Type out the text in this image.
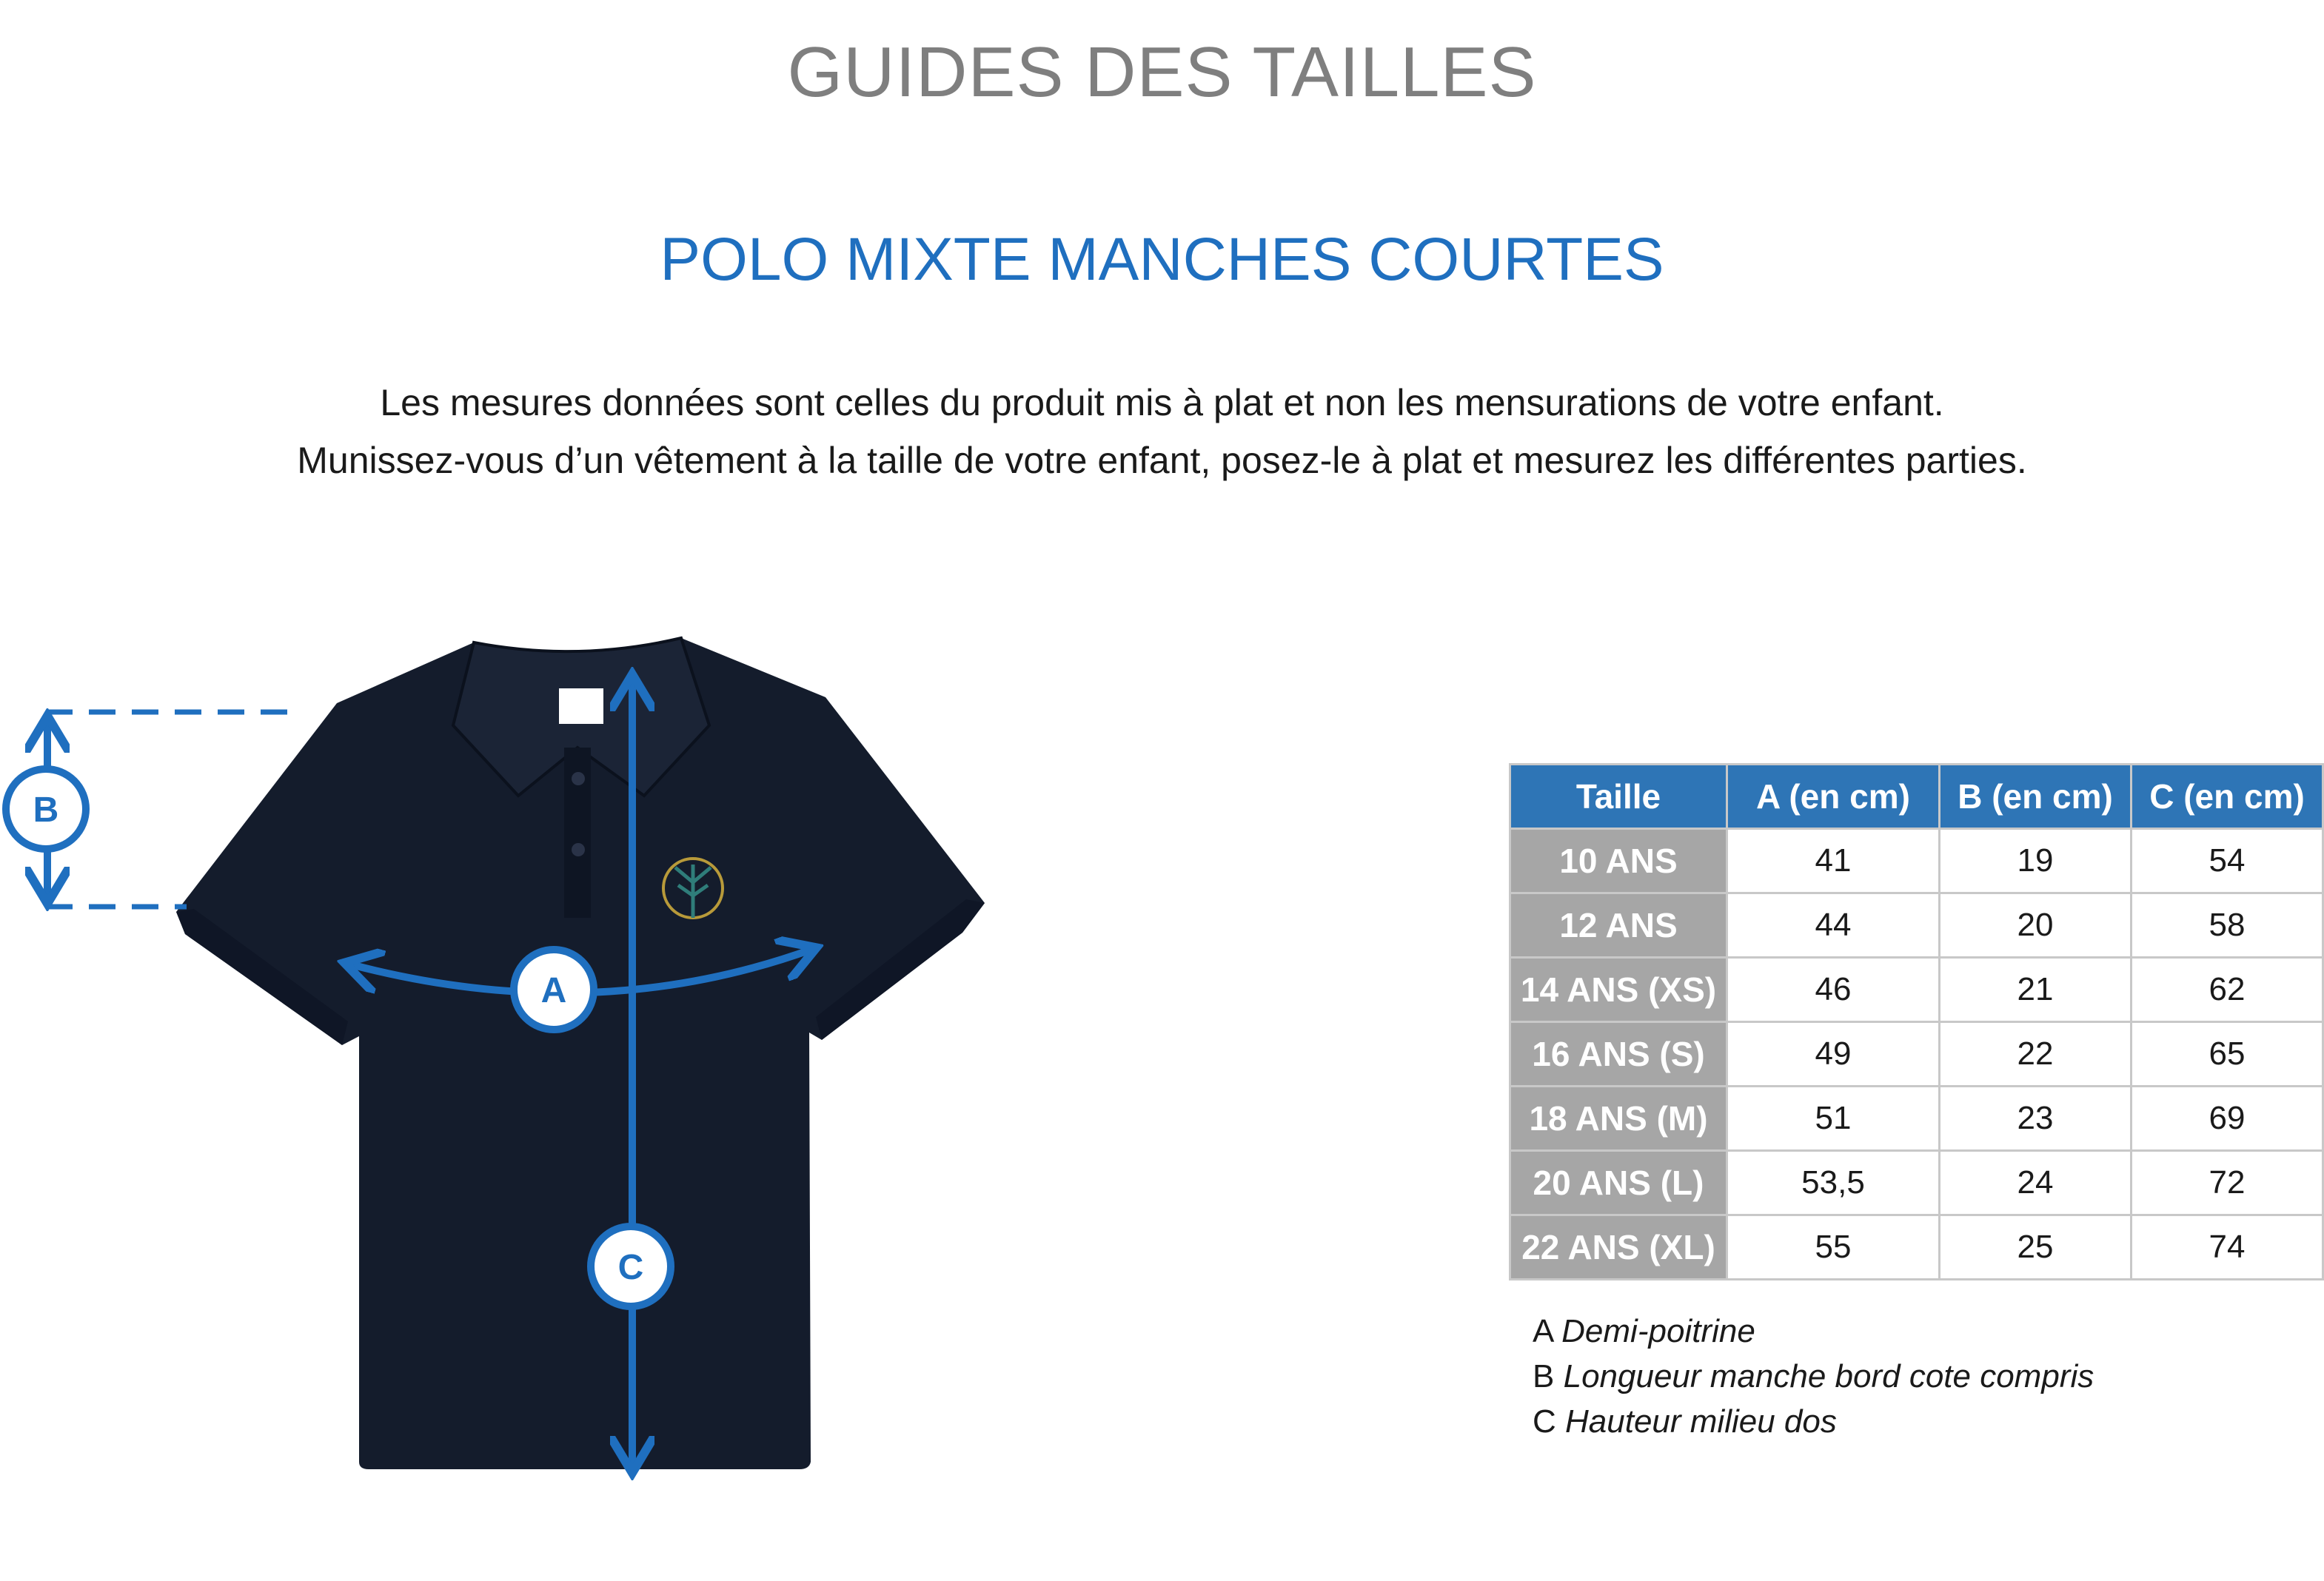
GUIDES DES TAILLES
POLO MIXTE MANCHES COURTES
Les mesures données sont celles du produit mis à plat et non les mensurations de votre enfant.
Munissez-vous d’un vêtement à la taille de votre enfant, posez-le à plat et mesurez les différentes parties.
B
A
C
Taille	A (en cm)	B (en cm)	C (en cm)
10 ANS	41	19	54
12 ANS	44	20	58
14 ANS (XS)	46	21	62
16 ANS (S)	49	22	65
18 ANS (M)	51	23	69
20 ANS (L)	53,5	24	72
22 ANS (XL)	55	25	74
A Demi-poitrine
B Longueur manche bord cote compris
C Hauteur milieu dos
